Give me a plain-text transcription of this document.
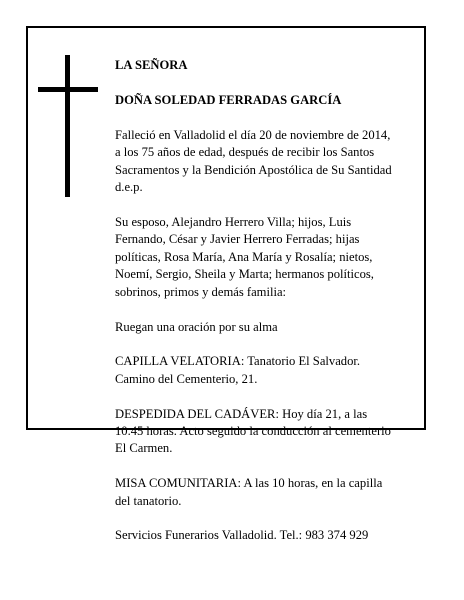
LA SEÑORA

DOÑA SOLEDAD FERRADAS GARCÍA

Falleció en Valladolid el día 20 de noviembre de 2014,
a los 75 años de edad, después de recibir los Santos
Sacramentos y la Bendición Apostólica de Su Santidad
d.e.p.

Su esposo, Alejandro Herrero Villa; hijos, Luis
Fernando, César y Javier Herrero Ferradas; hijas
políticas, Rosa María, Ana María y Rosalía; nietos,
Noemí, Sergio, Sheila y Marta; hermanos políticos,
sobrinos, primos y demás familia:

Ruegan una oración por su alma

CAPILLA VELATORIA: Tanatorio El Salvador.
Camino del Cementerio, 21.

DESPEDIDA DEL CADÁVER: Hoy día 21, a las
10.45 horas. Acto seguido la conducción al cementerio
El Carmen.

MISA COMUNITARIA: A las 10 horas, en la capilla
del tanatorio.

Servicios Funerarios Valladolid. Tel.: 983 374 929
